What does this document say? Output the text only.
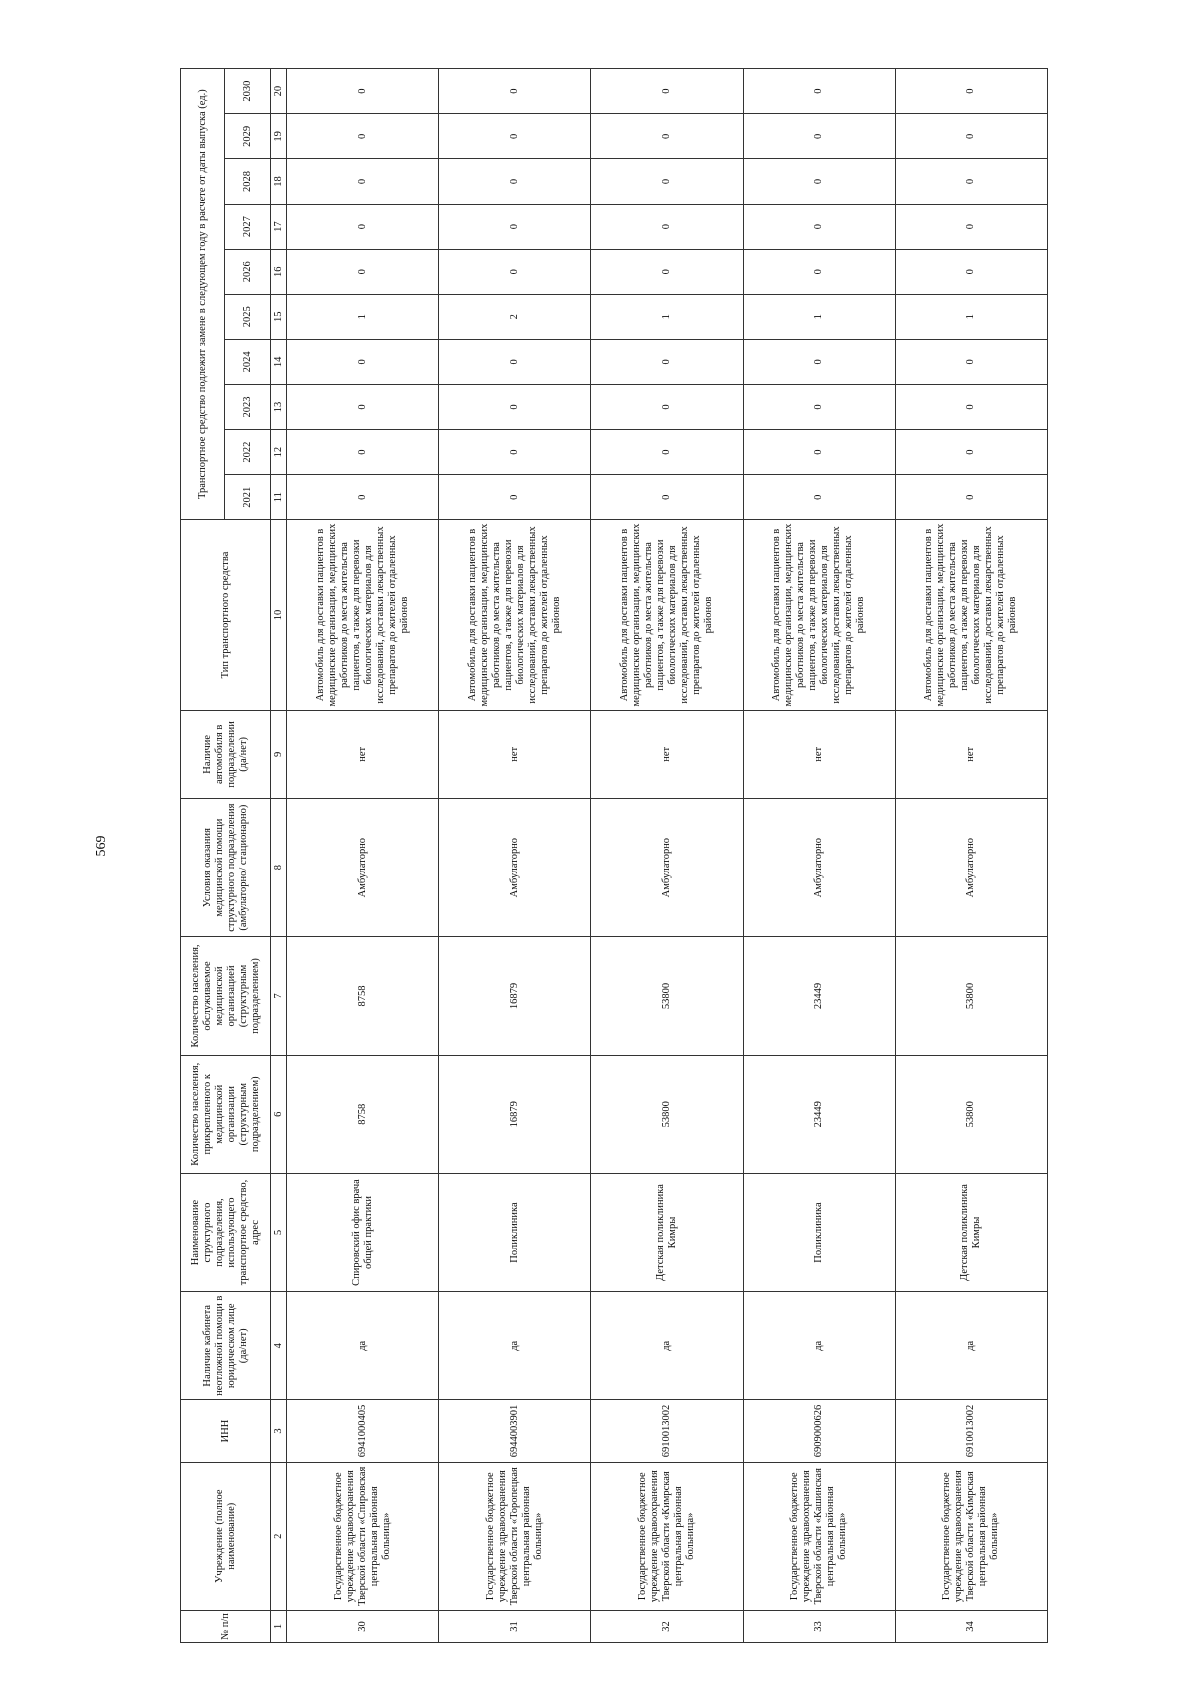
569
№ п/п	Учреждение (полное наименование)	ИНН	Наличие кабинета неотложной помощи в юридическом лице (да/нет)	Наименование структурного подразделения, использующего транспортное средство, адрес	Количество населения, прикрепленного к медицинской организации (структурным подразделением)	Количество населения, обслуживаемое медицинской организацией (структурным подразделением)	Условия оказания медицинской помощи структурного подразделения (амбулаторно/ стационарно)	Наличие автомобиля в подразделении (да/нет)	Тип транспортного средства	Транспортное средство подлежит замене в следующем году в расчете от даты выпуска (ед.)									
										2021	2022	2023	2024	2025	2026	2027	2028	2029	2030
1	2	3	4	5	6	7	8	9	10	11	12	13	14	15	16	17	18	19	20
30	Государственное бюджетное учреждение здравоохранения Тверской области «Спировская центральная районная больница»	6941000405	да	Спировский офис врача общей практики	8758	8758	Амбулаторно	нет	Автомобиль для доставки пациентов в медицинские организации, медицинских работников до места жительства пациентов, а также для перевозки биологических материалов для исследований, доставки лекарственных препаратов до жителей отдаленных районов	0	0	0	0	1	0	0	0	0	0
31	Государственное бюджетное учреждение здравоохранения Тверской области «Торопецкая центральная районная больница»	6944003901	да	Поликлиника	16879	16879	Амбулаторно	нет	Автомобиль для доставки пациентов в медицинские организации, медицинских работников до места жительства пациентов, а также для перевозки биологических материалов для исследований, доставки лекарственных препаратов до жителей отдаленных районов	0	0	0	0	2	0	0	0	0	0
32	Государственное бюджетное учреждение здравоохранения Тверской области «Кимрская центральная районная больница»	6910013002	да	Детская поликлиника Кимры	53800	53800	Амбулаторно	нет	Автомобиль для доставки пациентов в медицинские организации, медицинских работников до места жительства пациентов, а также для перевозки биологических материалов для исследований, доставки лекарственных препаратов до жителей отдаленных районов	0	0	0	0	1	0	0	0	0	0
33	Государственное бюджетное учреждение здравоохранения Тверской области «Кашинская центральная районная больница»	6909000626	да	Поликлиника	23449	23449	Амбулаторно	нет	Автомобиль для доставки пациентов в медицинские организации, медицинских работников до места жительства пациентов, а также для перевозки биологических материалов для исследований, доставки лекарственных препаратов до жителей отдаленных районов	0	0	0	0	1	0	0	0	0	0
34	Государственное бюджетное учреждение здравоохранения Тверской области «Кимрская центральная районная больница»	6910013002	да	Детская поликлиника Кимры	53800	53800	Амбулаторно	нет	Автомобиль для доставки пациентов в медицинские организации, медицинских работников до места жительства пациентов, а также для перевозки биологических материалов для исследований, доставки лекарственных препаратов до жителей отдаленных районов	0	0	0	0	1	0	0	0	0	0
